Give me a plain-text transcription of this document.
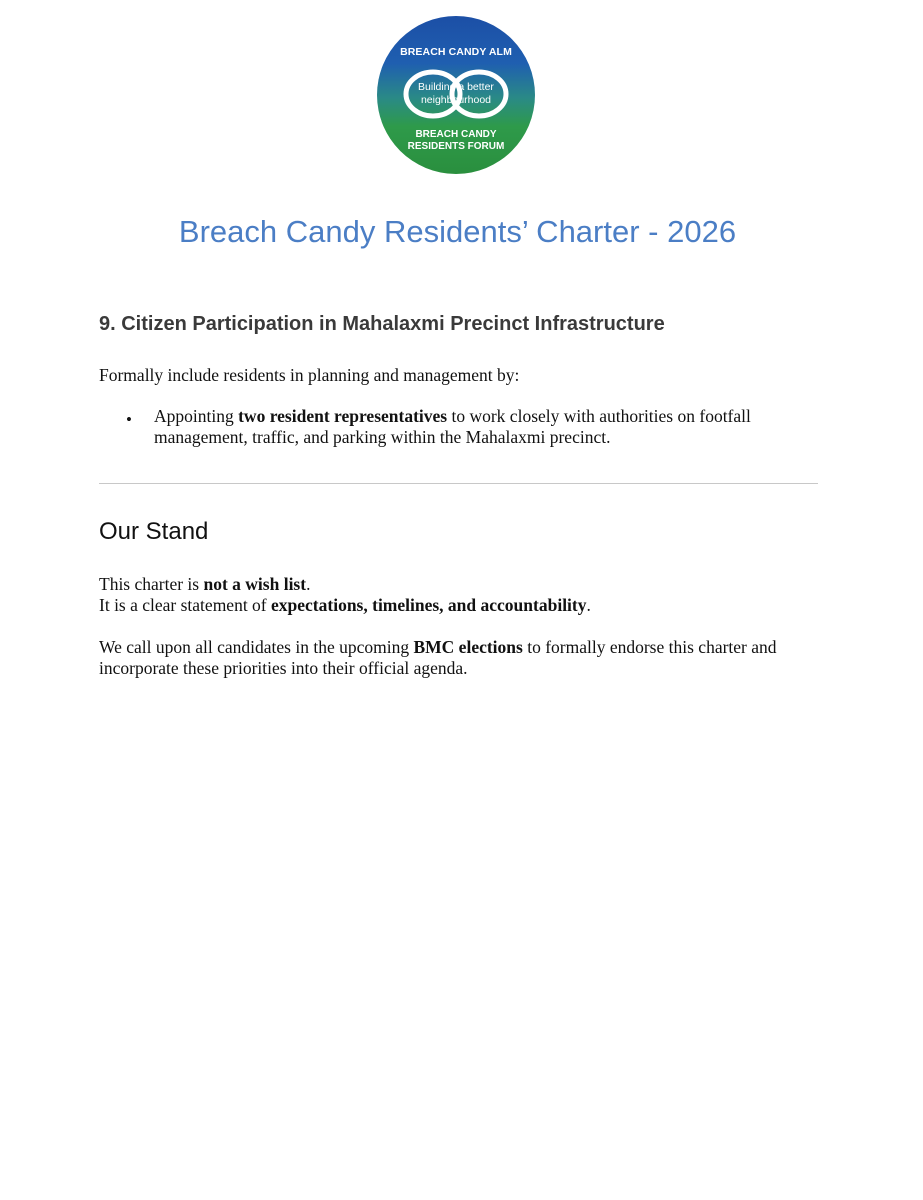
BREACH CANDY ALM
Building a better
neighbourhood
BREACH CANDY
RESIDENTS FORUM
Breach Candy Residents’ Charter - 2026
9. Citizen Participation in Mahalaxmi Precinct Infrastructure

Formally include residents in planning and management by:

• Appointing two resident representatives to work closely with authorities on footfall management, traffic, and parking within the Mahalaxmi precinct.

Our Stand

This charter is not a wish list.
It is a clear statement of expectations, timelines, and accountability.

We call upon all candidates in the upcoming BMC elections to formally endorse this charter and incorporate these priorities into their official agenda.
